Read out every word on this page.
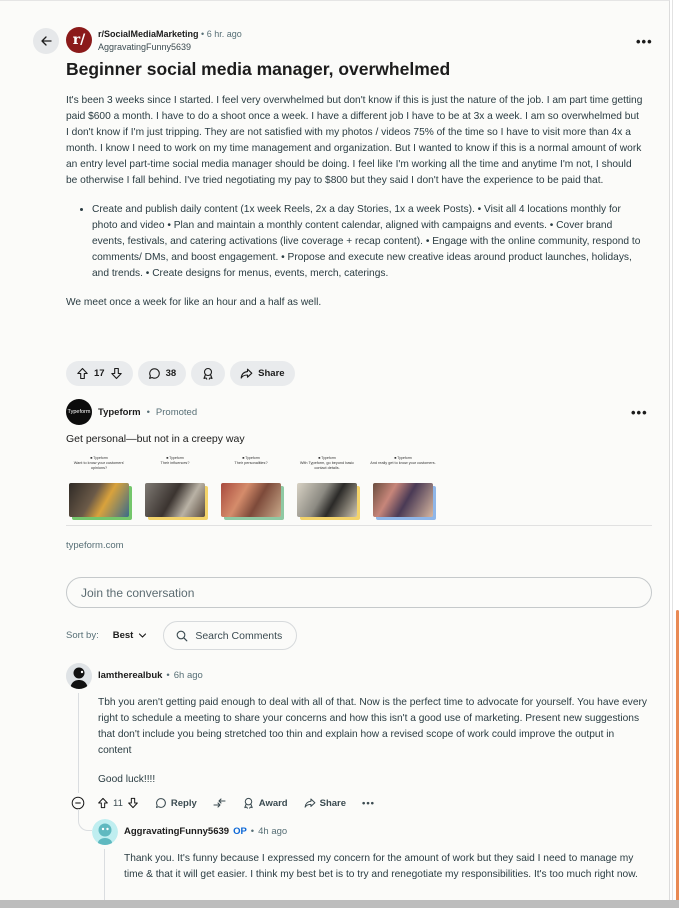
r/	r/SocialMediaMarketing • 6 hr. ago
AggravatingFunny5639	•••
Beginner social media manager, overwhelmed

It's been 3 weeks since I started. I feel very overwhelmed but don't know if this is just the nature of the job. I am part time getting paid $600 a month. I have to do a shoot once a week. I have a different job I have to be at 3x a week. I am so overwhelmed but I don't know if I'm just tripping. They are not satisfied with my photos / videos 75% of the time so I have to visit more than 4x a month. I know I need to work on my time management and organization. But I wanted to know if this is a normal amount of work an entry level part-time social media manager should be doing. I feel like I'm working all the time and anytime I'm not, I should be otherwise I fall behind. I've tried negotiating my pay to $800 but they said I don't have the experience to be paid that.

• Create and publish daily content (1x week Reels, 2x a day Stories, 1x a week Posts). • Visit all 4 locations monthly for photo and video • Plan and maintain a monthly content calendar, aligned with campaigns and events. • Cover brand events, festivals, and catering activations (live coverage + recap content). • Engage with the online community, respond to comments/ DMs, and boost engagement. • Propose and execute new creative ideas around product launches, holidays, and trends. • Create designs for menus, events, merch, caterings.

We meet once a week for like an hour and a half as well.

17	38	Share
Typeform Typeform • Promoted	•••
Get personal—but not in a creepy way
■ Typeform
Want to know your customers' opinions?
■ Typeform
Their influences?
■ Typeform
Their personalities?
■ Typeform
With Typeform, go beyond basic contact details.
■ Typeform
And really get to know your customers.
typeform.com
Join the conversation
Sort by: Best	Search Comments
Iamtherealbuk • 6h ago

Tbh you aren't getting paid enough to deal with all of that. Now is the perfect time to advocate for yourself. You have every right to schedule a meeting to share your concerns and how this isn't a good use of marketing. Present new suggestions that don't include you being stretched too thin and explain how a revised scope of work could improve the output in content

Good luck!!!!

11	Reply	Award	Share •••
AggravatingFunny5639 OP • 4h ago

Thank you. It's funny because I expressed my concern for the amount of work but they said I need to manage my time & that it will get easier. I think my best bet is to try and renegotiate my responsibilities. It's too much right now.
